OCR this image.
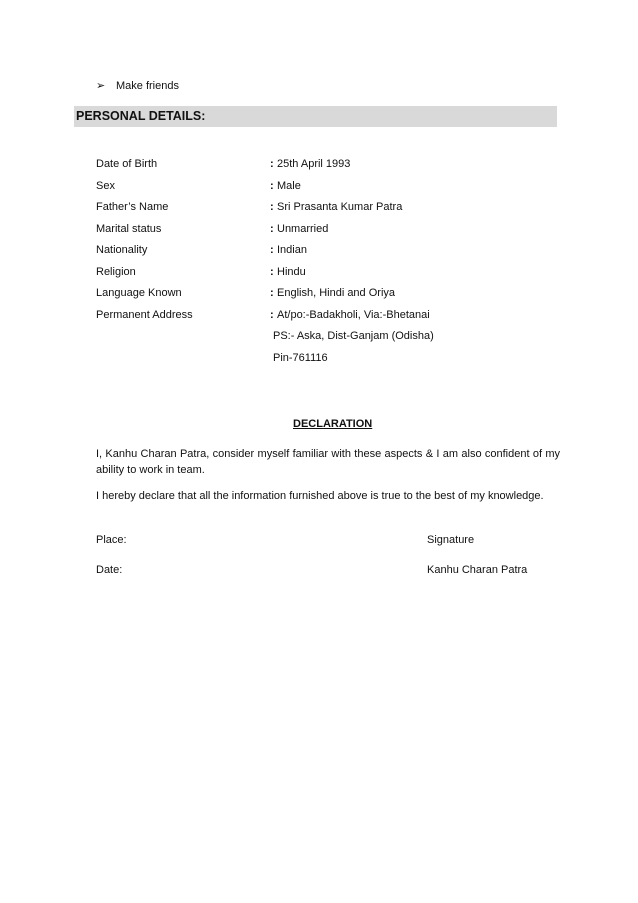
➢ Make friends
PERSONAL DETAILS:
Date of Birth	: 25th April 1993
Sex	: Male
Father’s Name	: Sri Prasanta Kumar Patra
Marital status	: Unmarried
Nationality	: Indian
Religion	: Hindu
Language Known	: English, Hindi and Oriya
Permanent Address	: At/po:-Badakholi, Via:-Bhetanai
PS:- Aska, Dist-Ganjam (Odisha)
Pin-761116
DECLARATION
I, Kanhu Charan Patra, consider myself familiar with these aspects & I am also confident of my ability to work in team.
I hereby declare that all the information furnished above is true to the best of my knowledge.
Place:
Date:
Signature
Kanhu Charan Patra
